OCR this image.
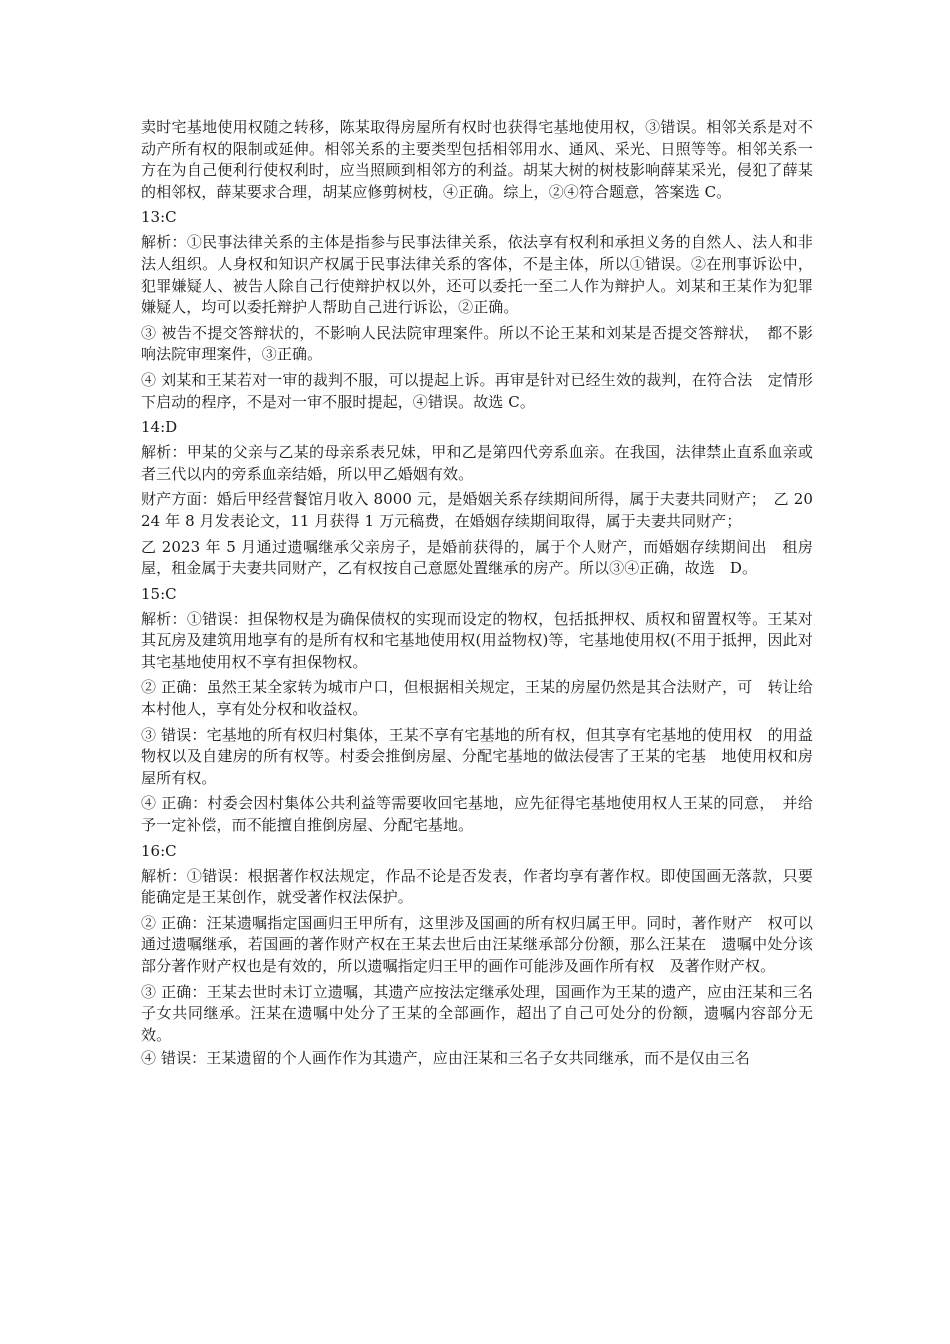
卖时宅基地使用权随之转移，陈某取得房屋所有权时也获得宅基地使用权，③错误。相邻关系是对不动产所有权的限制或延伸。相邻关系的主要类型包括相邻用水、通风、采光、日照等等。相邻关系一方在为自己便利行使权利时，应当照顾到相邻方的利益。胡某大树的树枝影响薛某采光，侵犯了薛某的相邻权，薛某要求合理，胡某应修剪树枝，④正确。综上，②④符合题意，答案选 C。

13:C

解析：①民事法律关系的主体是指参与民事法律关系，依法享有权利和承担义务的自然人、法人和非法人组织。人身权和知识产权属于民事法律关系的客体，不是主体，所以①错误。②在刑事诉讼中，犯罪嫌疑人、被告人除自己行使辩护权以外，还可以委托一至二人作为辩护人。刘某和王某作为犯罪嫌疑人，均可以委托辩护人帮助自己进行诉讼，②正确。

③ 被告不提交答辩状的，不影响人民法院审理案件。所以不论王某和刘某是否提交答辩状，　都不影响法院审理案件，③正确。

④ 刘某和王某若对一审的裁判不服，可以提起上诉。再审是针对已经生效的裁判，在符合法　定情形下启动的程序，不是对一审不服时提起，④错误。故选 C。

14:D

解析：甲某的父亲与乙某的母亲系表兄妹，甲和乙是第四代旁系血亲。在我国，法律禁止直系血亲或者三代以内的旁系血亲结婚，所以甲乙婚姻有效。

财产方面：婚后甲经营餐馆月收入 8000 元，是婚姻关系存续期间所得，属于夫妻共同财产；　乙 2024 年 8 月发表论文，11 月获得 1 万元稿费，在婚姻存续期间取得，属于夫妻共同财产；

乙 2023 年 5 月通过遗嘱继承父亲房子，是婚前获得的，属于个人财产，而婚姻存续期间出　租房屋，租金属于夫妻共同财产，乙有权按自己意愿处置继承的房产。所以③④正确，故选　D。

15:C

解析：①错误：担保物权是为确保债权的实现而设定的物权，包括抵押权、质权和留置权等。王某对其瓦房及建筑用地享有的是所有权和宅基地使用权(用益物权)等，宅基地使用权(不用于抵押，因此对其宅基地使用权不享有担保物权。

② 正确：虽然王某全家转为城市户口，但根据相关规定，王某的房屋仍然是其合法财产，可　转让给本村他人，享有处分权和收益权。

③ 错误：宅基地的所有权归村集体，王某不享有宅基地的所有权，但其享有宅基地的使用权　的用益物权以及自建房的所有权等。村委会推倒房屋、分配宅基地的做法侵害了王某的宅基　地使用权和房屋所有权。

④ 正确：村委会因村集体公共利益等需要收回宅基地，应先征得宅基地使用权人王某的同意，　并给予一定补偿，而不能擅自推倒房屋、分配宅基地。

16:C

解析：①错误：根据著作权法规定，作品不论是否发表，作者均享有著作权。即使国画无落款，只要能确定是王某创作，就受著作权法保护。

② 正确：汪某遗嘱指定国画归王甲所有，这里涉及国画的所有权归属王甲。同时，著作财产　权可以通过遗嘱继承，若国画的著作财产权在王某去世后由汪某继承部分份额，那么汪某在　遗嘱中处分该部分著作财产权也是有效的，所以遗嘱指定归王甲的画作可能涉及画作所有权　及著作财产权。

③ 正确：王某去世时未订立遗嘱，其遗产应按法定继承处理，国画作为王某的遗产，应由汪某和三名子女共同继承。汪某在遗嘱中处分了王某的全部画作，超出了自己可处分的份额，遗嘱内容部分无效。

④ 错误：王某遗留的个人画作作为其遗产，应由汪某和三名子女共同继承，而不是仅由三名
